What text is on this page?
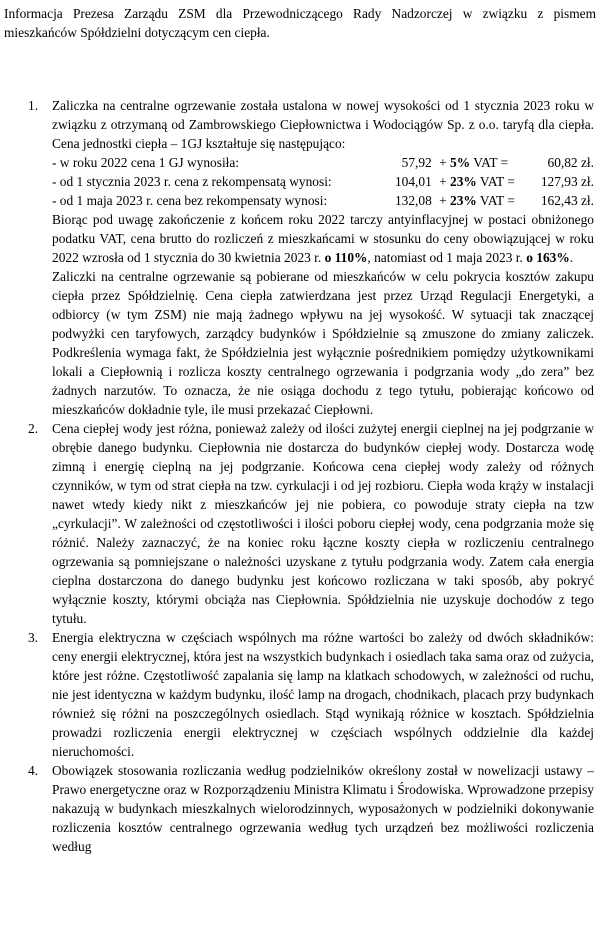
Informacja Prezesa Zarządu ZSM dla Przewodniczącego Rady Nadzorczej w związku z pismem mieszkańców Spółdzielni dotyczącym cen ciepła.
1. Zaliczka na centralne ogrzewanie została ustalona w nowej wysokości od 1 stycznia 2023 roku w związku z otrzymaną od Zambrowskiego Ciepłownictwa i Wodociągów Sp. z o.o. taryfą dla ciepła. Cena jednostki ciepła – 1GJ kształtuje się następująco:

- w roku 2022 cena 1 GJ wynosiła:	57,92 + 5% VAT =	60,82 zł.
- od 1 stycznia 2023 r. cena z rekompensatą wynosi:	104,01 + 23% VAT =	127,93 zł.
- od 1 maja 2023 r. cena bez rekompensaty wynosi:	132,08 + 23% VAT =	162,43 zł.

Biorąc pod uwagę zakończenie z końcem roku 2022 tarczy antyinflacyjnej w postaci obniżonego podatku VAT, cena brutto do rozliczeń z mieszkańcami w stosunku do ceny obowiązującej w roku 2022 wzrosła od 1 stycznia do 30 kwietnia 2023 r. o 110%, natomiast od 1 maja 2023 r. o 163%.

Zaliczki na centralne ogrzewanie są pobierane od mieszkańców w celu pokrycia kosztów zakupu ciepła przez Spółdzielnię. Cena ciepła zatwierdzana jest przez Urząd Regulacji Energetyki, a odbiorcy (w tym ZSM) nie mają żadnego wpływu na jej wysokość. W sytuacji tak znaczącej podwyżki cen taryfowych, zarządcy budynków i Spółdzielnie są zmuszone do zmiany zaliczek. Podkreślenia wymaga fakt, że Spółdzielnia jest wyłącznie pośrednikiem pomiędzy użytkownikami lokali a Ciepłownią i rozlicza koszty centralnego ogrzewania i podgrzania wody „do zera” bez żadnych narzutów. To oznacza, że nie osiąga dochodu z tego tytułu, pobierając końcowo od mieszkańców dokładnie tyle, ile musi przekazać Ciepłowni.

2. Cena ciepłej wody jest różna, ponieważ zależy od ilości zużytej energii cieplnej na jej podgrzanie w obrębie danego budynku. Ciepłownia nie dostarcza do budynków ciepłej wody. Dostarcza wodę zimną i energię cieplną na jej podgrzanie. Końcowa cena ciepłej wody zależy od różnych czynników, w tym od strat ciepła na tzw. cyrkulacji i od jej rozbioru. Ciepła woda krąży w instalacji nawet wtedy kiedy nikt z mieszkańców jej nie pobiera, co powoduje straty ciepła na tzw „cyrkulacji”. W zależności od częstotliwości i ilości poboru ciepłej wody, cena podgrzania może się różnić. Należy zaznaczyć, że na koniec roku łączne koszty ciepła w rozliczeniu centralnego ogrzewania są pomniejszane o należności uzyskane z tytułu podgrzania wody. Zatem cała energia cieplna dostarczona do danego budynku jest końcowo rozliczana w taki sposób, aby pokryć wyłącznie koszty, którymi obciąża nas Ciepłownia. Spółdzielnia nie uzyskuje dochodów z tego tytułu.

3. Energia elektryczna w częściach wspólnych ma różne wartości bo zależy od dwóch składników: ceny energii elektrycznej, która jest na wszystkich budynkach i osiedlach taka sama oraz od zużycia, które jest różne. Częstotliwość zapalania się lamp na klatkach schodowych, w zależności od ruchu, nie jest identyczna w każdym budynku, ilość lamp na drogach, chodnikach, placach przy budynkach również się różni na poszczególnych osiedlach. Stąd wynikają różnice w kosztach. Spółdzielnia prowadzi rozliczenia energii elektrycznej w częściach wspólnych oddzielnie dla każdej nieruchomości.

4. Obowiązek stosowania rozliczania według podzielników określony został w nowelizacji ustawy – Prawo energetyczne oraz w Rozporządzeniu Ministra Klimatu i Środowiska. Wprowadzone przepisy nakazują w budynkach mieszkalnych wielorodzinnych, wyposażonych w podzielniki dokonywanie rozliczenia kosztów centralnego ogrzewania według tych urządzeń bez możliwości rozliczenia według
